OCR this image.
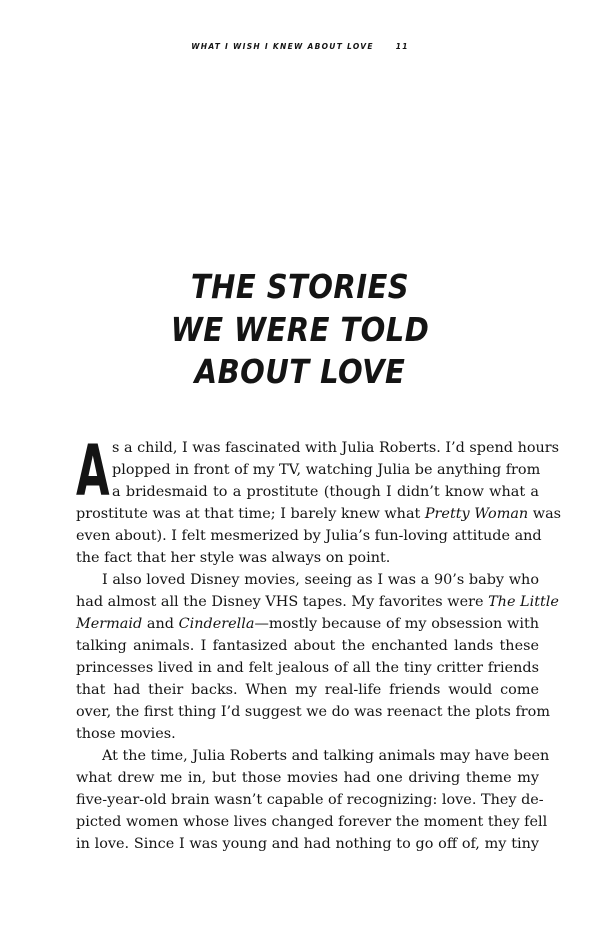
WHAT I WISH I KNEW ABOUT LOVE	11
THE STORIES
WE WERE TOLD
ABOUT LOVE
A s a child, I was fascinated with Julia Roberts. I’d spend hours
plopped in front of my TV, watching Julia be anything from
a bridesmaid to a prostitute (though I didn’t know what a
prostitute was at that time; I barely knew what Pretty Woman was
even about). I felt mesmerized by Julia’s fun-loving attitude and
the fact that her style was always on point.

I also loved Disney movies, seeing as I was a 90’s baby who
had almost all the Disney VHS tapes. My favorites were The Little
Mermaid and Cinderella—mostly because of my obsession with
talking animals. I fantasized about the enchanted lands these
princesses lived in and felt jealous of all the tiny critter friends
that had their backs. When my real-life friends would come
over, the first thing I’d suggest we do was reenact the plots from
those movies.

At the time, Julia Roberts and talking animals may have been
what drew me in, but those movies had one driving theme my
five-year-old brain wasn’t capable of recognizing: love. They de-
picted women whose lives changed forever the moment they fell
in love. Since I was young and had nothing to go off of, my tiny
